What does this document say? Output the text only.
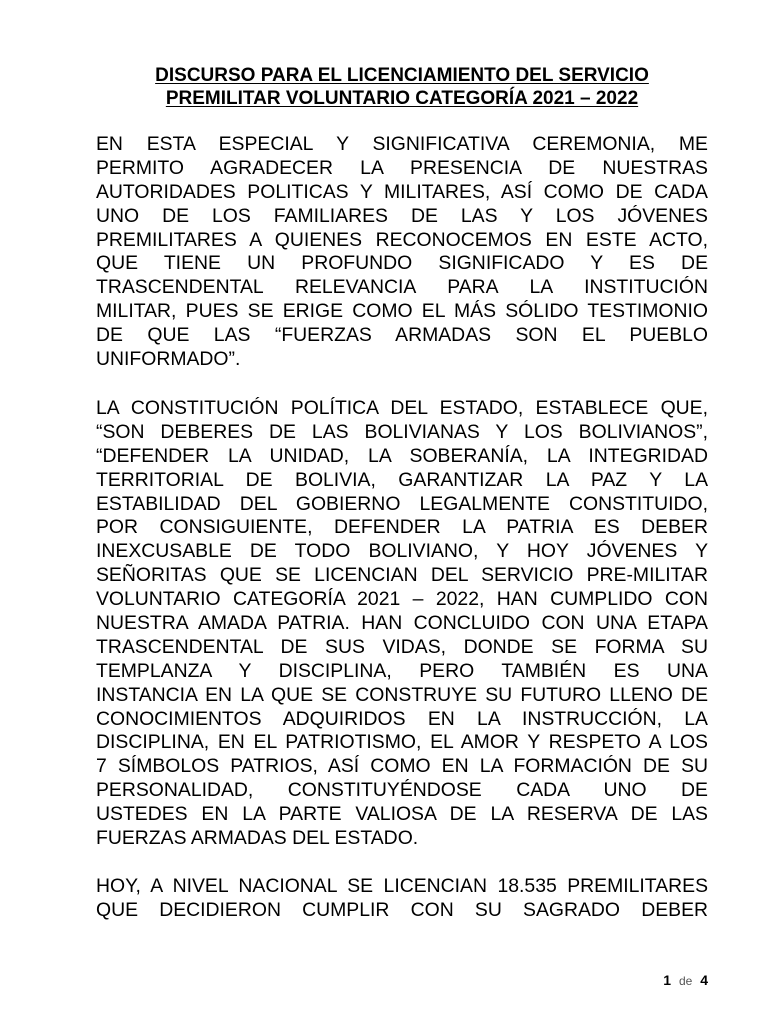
DISCURSO PARA EL LICENCIAMIENTO DEL SERVICIO
PREMILITAR VOLUNTARIO CATEGORÍA 2021 – 2022
EN ESTA ESPECIAL Y SIGNIFICATIVA CEREMONIA, ME
PERMITO AGRADECER LA PRESENCIA DE NUESTRAS
AUTORIDADES POLITICAS Y MILITARES, ASÍ COMO DE CADA
UNO DE LOS FAMILIARES DE LAS Y LOS JÓVENES
PREMILITARES A QUIENES RECONOCEMOS EN ESTE ACTO,
QUE TIENE UN PROFUNDO SIGNIFICADO Y ES DE
TRASCENDENTAL RELEVANCIA PARA LA INSTITUCIÓN
MILITAR, PUES SE ERIGE COMO EL MÁS SÓLIDO TESTIMONIO
DE QUE LAS “FUERZAS ARMADAS SON EL PUEBLO
UNIFORMADO”.
LA CONSTITUCIÓN POLÍTICA DEL ESTADO, ESTABLECE QUE,
“SON DEBERES DE LAS BOLIVIANAS Y LOS BOLIVIANOS”,
“DEFENDER LA UNIDAD, LA SOBERANÍA, LA INTEGRIDAD
TERRITORIAL DE BOLIVIA, GARANTIZAR LA PAZ Y LA
ESTABILIDAD DEL GOBIERNO LEGALMENTE CONSTITUIDO,
POR CONSIGUIENTE, DEFENDER LA PATRIA ES DEBER
INEXCUSABLE DE TODO BOLIVIANO, Y HOY JÓVENES Y
SEÑORITAS QUE SE LICENCIAN DEL SERVICIO PRE-MILITAR
VOLUNTARIO CATEGORÍA 2021 – 2022, HAN CUMPLIDO CON
NUESTRA AMADA PATRIA. HAN CONCLUIDO CON UNA ETAPA
TRASCENDENTAL DE SUS VIDAS, DONDE SE FORMA SU
TEMPLANZA Y DISCIPLINA, PERO TAMBIÉN ES UNA
INSTANCIA EN LA QUE SE CONSTRUYE SU FUTURO LLENO DE
CONOCIMIENTOS ADQUIRIDOS EN LA INSTRUCCIÓN, LA
DISCIPLINA, EN EL PATRIOTISMO, EL AMOR Y RESPETO A LOS
7 SÍMBOLOS PATRIOS, ASÍ COMO EN LA FORMACIÓN DE SU
PERSONALIDAD, CONSTITUYÉNDOSE CADA UNO DE
USTEDES EN LA PARTE VALIOSA DE LA RESERVA DE LAS
FUERZAS ARMADAS DEL ESTADO.
HOY, A NIVEL NACIONAL SE LICENCIAN 18.535 PREMILITARES
QUE DECIDIERON CUMPLIR CON SU SAGRADO DEBER
1 de 4
